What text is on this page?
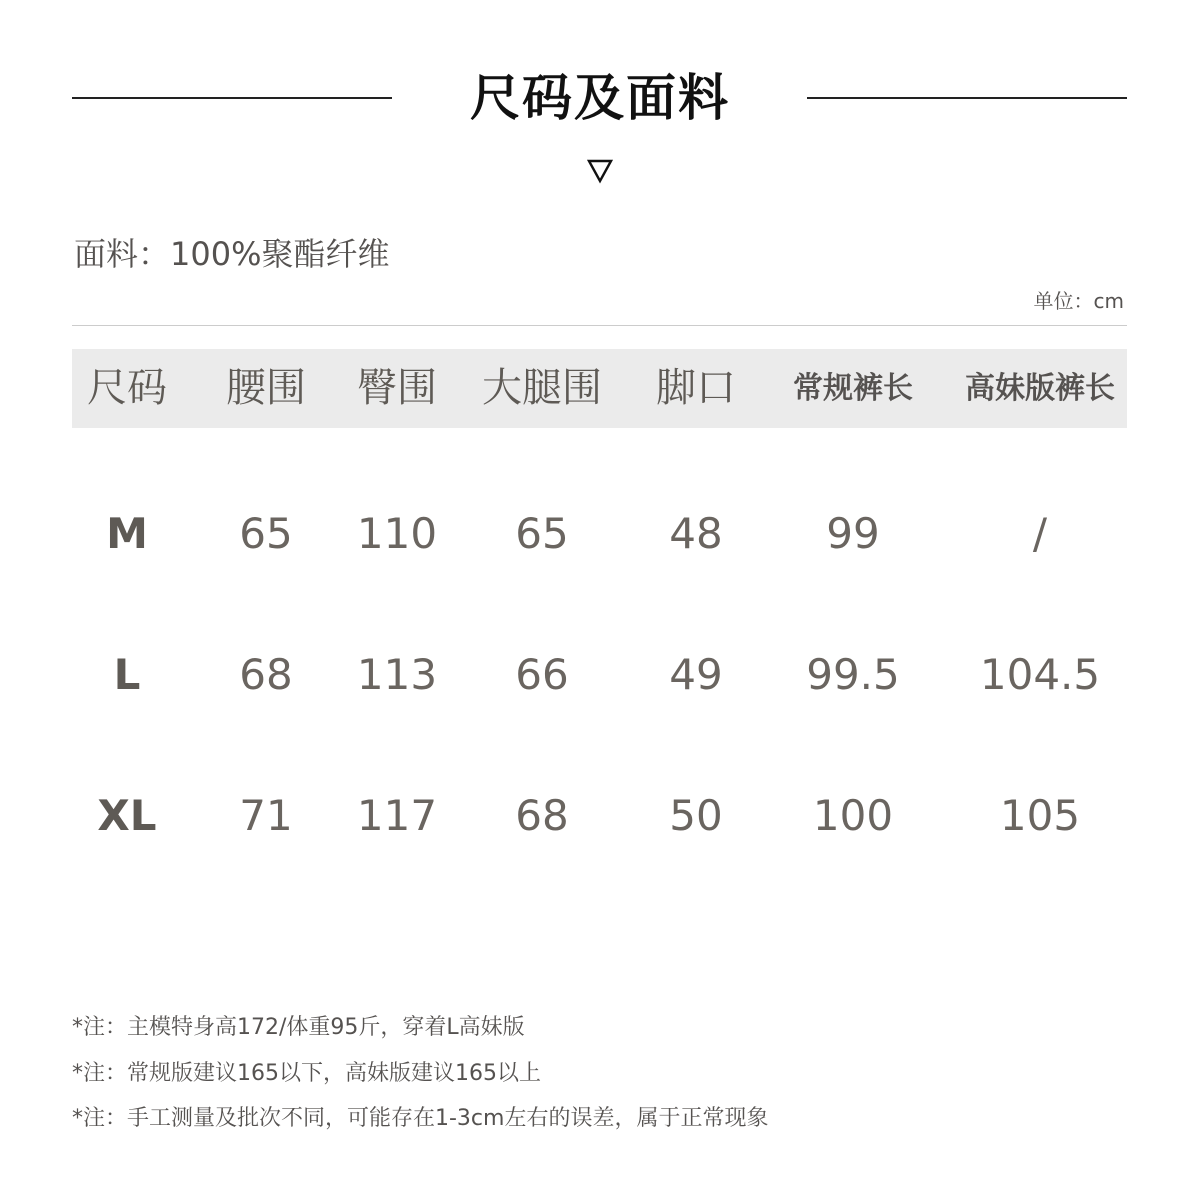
尺码及面料
面料：100%聚酯纤维
单位：cm
尺码 腰围 臀围 大腿围 脚口 常规裤长 高妹版裤长
M 65 110 65 48 99	/
L 68 113 66 49 99.5 104.5
XL 71 117 68 50 100	105
*注：主模特身高172/体重95斤，穿着L高妹版
*注：常规版建议165以下，高妹版建议165以上
*注：手工测量及批次不同，可能存在1-3cm左右的误差，属于正常现象
